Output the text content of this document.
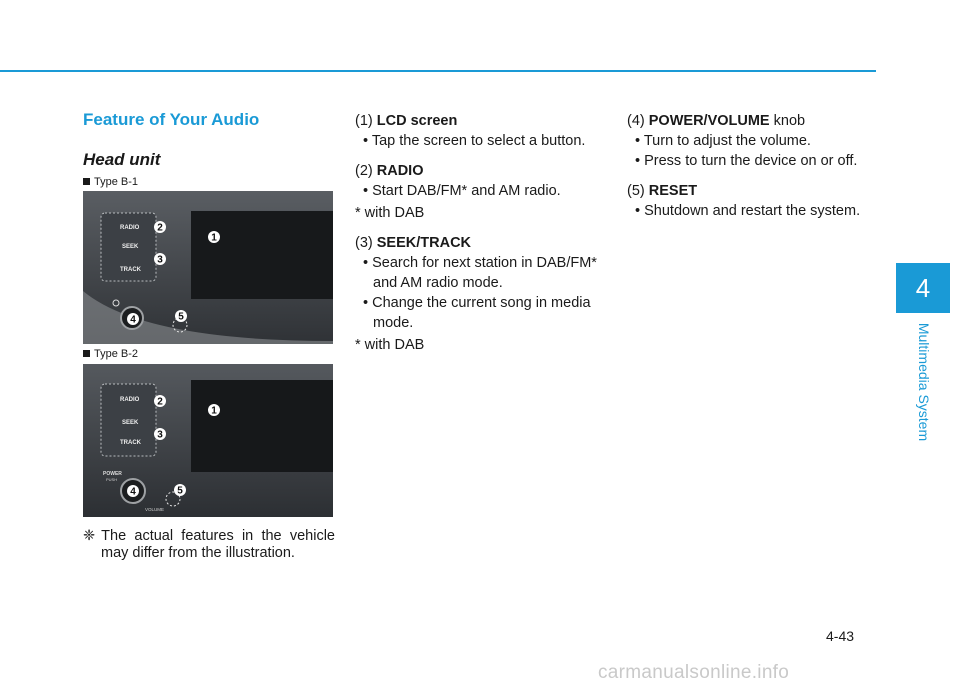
Feature of Your Audio
Head unit
Type B-1
RADIO
SEEK
TRACK
1
2
3
4	5
Type B-2
RADIO
SEEK
TRACK
POWER
PUSH
VOLUME
1
2
3
4	5
❈ The actual features in the vehicle
may differ from the illustration.

(1) LCD screen

• Tap the screen to select a button.

(2) RADIO

• Start DAB/FM* and AM radio.

* with DAB

(3) SEEK/TRACK

• Search for next station in DAB/FM*
and AM radio mode.

• Change the current song in media
mode.

* with DAB

(4) POWER/VOLUME knob

• Turn to adjust the volume.

• Press to turn the device on or off.

(5) RESET

• Shutdown and restart the system.

4
Multimedia System
4-43
carmanualsonline.info
